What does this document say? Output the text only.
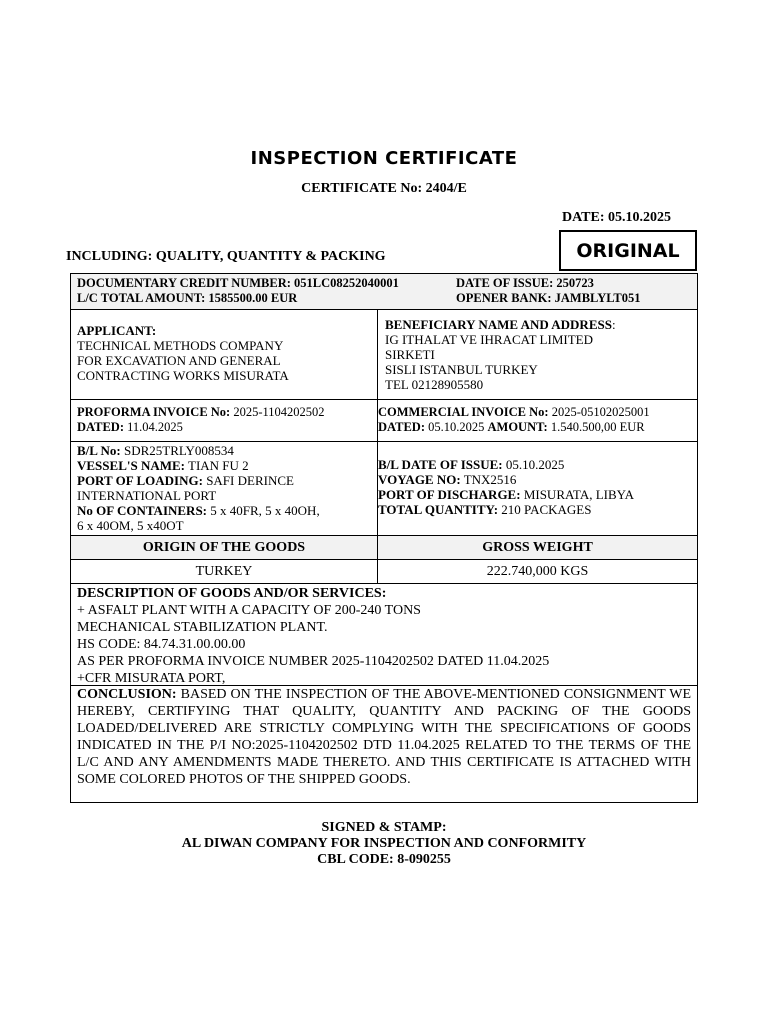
INSPECTION CERTIFICATE
CERTIFICATE No: 2404/E
DATE: 05.10.2025
INCLUDING: QUALITY, QUANTITY & PACKING	ORIGINAL
DOCUMENTARY CREDIT NUMBER: 051LC08252040001
L/C TOTAL AMOUNT: 1585500.00 EUR
DATE OF ISSUE: 250723
OPENER BANK: JAMBLYLT051
APPLICANT:
TECHNICAL METHODS COMPANY
FOR EXCAVATION AND GENERAL
CONTRACTING WORKS MISURATA
BENEFICIARY NAME AND ADDRESS:
IG ITHALAT VE IHRACAT LIMITED
SIRKETI
SISLI ISTANBUL TURKEY
TEL 02128905580
PROFORMA INVOICE No: 2025-1104202502
DATED: 11.04.2025
COMMERCIAL INVOICE No: 2025-05102025001
DATED: 05.10.2025 AMOUNT: 1.540.500,00 EUR
B/L No: SDR25TRLY008534
VESSEL'S NAME: TIAN FU 2
PORT OF LOADING: SAFI DERINCE
INTERNATIONAL PORT
No OF CONTAINERS: 5 x 40FR, 5 x 40OH,
6 x 40OM, 5 x40OT
B/L DATE OF ISSUE: 05.10.2025
VOYAGE NO: TNX2516
PORT OF DISCHARGE: MISURATA, LIBYA
TOTAL QUANTITY: 210 PACKAGES
ORIGIN OF THE GOODS	GROSS WEIGHT
TURKEY	222.740,000 KGS
DESCRIPTION OF GOODS AND/OR SERVICES:
+ ASFALT PLANT WITH A CAPACITY OF 200-240 TONS
MECHANICAL STABILIZATION PLANT.
HS CODE: 84.74.31.00.00.00
AS PER PROFORMA INVOICE NUMBER 2025-1104202502 DATED 11.04.2025
+CFR MISURATA PORT,
CONCLUSION: BASED ON THE INSPECTION OF THE ABOVE-MENTIONED CONSIGNMENT WE HEREBY, CERTIFYING THAT QUALITY, QUANTITY AND PACKING OF THE GOODS LOADED/DELIVERED ARE STRICTLY COMPLYING WITH THE SPECIFICATIONS OF GOODS INDICATED IN THE P/I NO:2025-1104202502 DTD 11.04.2025 RELATED TO THE TERMS OF THE L/C AND ANY AMENDMENTS MADE THERETO. AND THIS CERTIFICATE IS ATTACHED WITH SOME COLORED PHOTOS OF THE SHIPPED GOODS.
SIGNED & STAMP:
AL DIWAN COMPANY FOR INSPECTION AND CONFORMITY
CBL CODE: 8-090255
